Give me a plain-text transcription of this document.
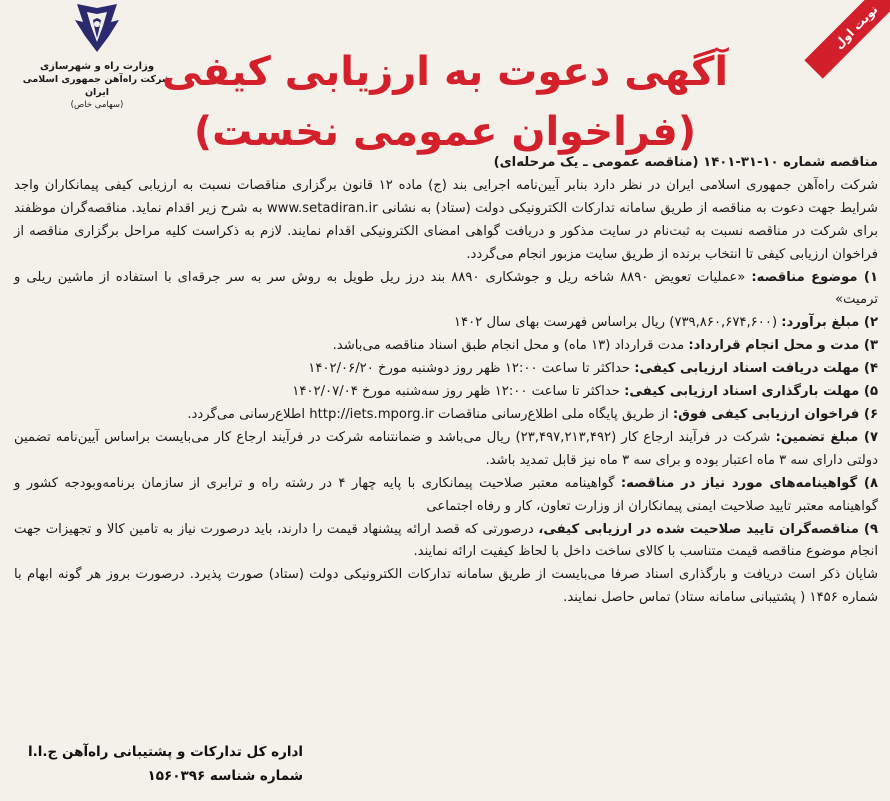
وزارت راه و شهرسازی
شرکت راه‌آهن جمهوری اسلامی ایران
(سهامی خاص)
نوبت اول
آگهی دعوت به ارزیابی کیفی
(فراخوان عمومی نخست)

مناقصه شماره ۱۰-۳۱-۱۴۰۱ (مناقصه عمومی ـ یک مرحله‌ای)

شرکت راه‌آهن جمهوری اسلامی ایران در نظر دارد بنابر آیین‌نامه اجرایی بند (ج) ماده ۱۲ قانون برگزاری مناقصات نسبت به ارزیابی کیفی پیمانکاران واجد شرایط جهت دعوت به مناقصه از طریق سامانه تدارکات الکترونیکی دولت (ستاد) به نشانی www.setadiran.ir به شرح زیر اقدام نماید. مناقصه‌گران موظفند برای شرکت در مناقصه نسبت به ثبت‌نام در سایت مذکور و دریافت گواهی امضای الکترونیکی اقدام نمایند. لازم به ذکراست کلیه مراحل برگزاری مناقصه از فراخوان ارزیابی کیفی تا انتخاب برنده از طریق سایت مزبور انجام می‌گردد.

۱) موضوع مناقصه: «عملیات تعویض ۸۸۹۰ شاخه ریل و جوشکاری ۸۸۹۰ بند درز ریل طویل به روش سر به سر جرقه‌ای با استفاده از ماشین ریلی و ترمیت»

۲) مبلغ برآورد: (۷۳۹,۸۶۰,۶۷۴,۶۰۰) ریال براساس فهرست بهای سال ۱۴۰۲

۳) مدت و محل انجام قرارداد: مدت قرارداد (۱۳ ماه) و محل انجام طبق اسناد مناقصه می‌باشد.

۴) مهلت دریافت اسناد ارزیابی کیفی: حداکثر تا ساعت ۱۲:۰۰ ظهر روز دوشنبه مورخ ۱۴۰۲/۰۶/۲۰

۵) مهلت بارگذاری اسناد ارزیابی کیفی: حداکثر تا ساعت ۱۲:۰۰ ظهر روز سه‌شنبه مورخ ۱۴۰۲/۰۷/۰۴

۶) فراخوان ارزیابی کیفی فوق: از طریق پایگاه ملی اطلاع‌رسانی مناقصات http://iets.mporg.ir اطلاع‌رسانی می‌گردد.

۷) مبلغ تضمین: شرکت در فرآیند ارجاع کار (۲۳,۴۹۷,۲۱۳,۴۹۲) ریال می‌باشد و ضمانتنامه شرکت در فرآیند ارجاع کار می‌بایست براساس آیین‌نامه تضمین دولتی دارای سه ۳ ماه اعتبار بوده و برای سه ۳ ماه نیز قابل تمدید باشد.

۸) گواهینامه‌های مورد نیاز در مناقصه: گواهینامه معتبر صلاحیت پیمانکاری با پایه چهار ۴ در رشته راه و ترابری از سازمان برنامه‌وبودجه کشور و گواهینامه معتبر تایید صلاحیت ایمنی پیمانکاران از وزارت تعاون، کار و رفاه اجتماعی

۹) مناقصه‌گران تایید صلاحیت شده در ارزیابی کیفی، درصورتی که قصد ارائه پیشنهاد قیمت را دارند، باید درصورت نیاز به تامین کالا و تجهیزات جهت انجام موضوع مناقصه قیمت متناسب با کالای ساخت داخل با لحاظ کیفیت ارائه نمایند.

شایان ذکر است دریافت و بارگذاری اسناد صرفا می‌بایست از طریق سامانه تدارکات الکترونیکی دولت (ستاد) صورت پذیرد. درصورت بروز هر گونه ابهام با شماره ۱۴۵۶ ( پشتیبانی سامانه ستاد) تماس حاصل نمایند.

اداره کل تدارکات و پشتیبانی راه‌آهن ج.ا.ا
شماره شناسه ۱۵۶۰۳۹۶
